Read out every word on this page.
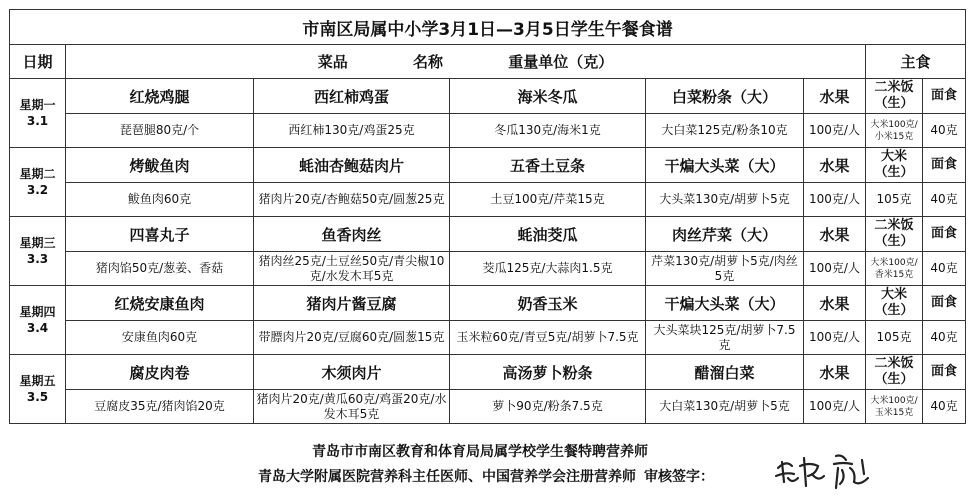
市南区局属中小学3月1日—3月5日学生午餐食谱							
日期	菜品 名称 重量单位（克）					主食	

星期一
3.1	红烧鸡腿	西红柿鸡蛋	海米冬瓜	白菜粉条（大）	水果	二米饭（生）	面食
	琵琶腿80克/个	西红柿130克/鸡蛋25克	冬瓜130克/海米1克	大白菜125克/粉条10克	100克/人	大米100克/小米15克	40克

星期二
3.2	烤鲅鱼肉	蚝油杏鲍菇肉片	五香土豆条	干煸大头菜（大）	水果	大米（生）	面食
	鲅鱼肉60克	猪肉片20克/杏鲍菇50克/圆葱25克	土豆100克/芹菜15克	大头菜130克/胡萝卜5克	100克/人	105克	40克

星期三
3.3	四喜丸子	鱼香肉丝	蚝油茭瓜	肉丝芹菜（大）	水果	二米饭（生）	面食
	猪肉馅50克/葱姜、香菇	猪肉丝25克/土豆丝50克/青尖椒10克/水发木耳5克	茭瓜125克/大蒜肉1.5克	芹菜130克/胡萝卜5克/肉丝5克	100克/人	大米100克/香米15克	40克

星期四
3.4	红烧安康鱼肉	猪肉片酱豆腐	奶香玉米	干煸大头菜（大）	水果	大米（生）	面食
	安康鱼肉60克	带膘肉片20克/豆腐60克/圆葱15克	玉米粒60克/青豆5克/胡萝卜7.5克	大头菜块125克/胡萝卜7.5克	100克/人	105克	40克

星期五
3.5	腐皮肉卷	木须肉片	高汤萝卜粉条	醋溜白菜	水果	二米饭（生）	面食
	豆腐皮35克/猪肉馅20克	猪肉片20克/黄瓜60克/鸡蛋20克/水发木耳5克	萝卜90克/粉条7.5克	大白菜130克/胡萝卜5克	100克/人	大米100克/玉米15克	40克
青岛市市南区教育和体育局局属学校学生餐特聘营养师
青岛大学附属医院营养科主任医师、中国营养学会注册营养师 审核签字：
